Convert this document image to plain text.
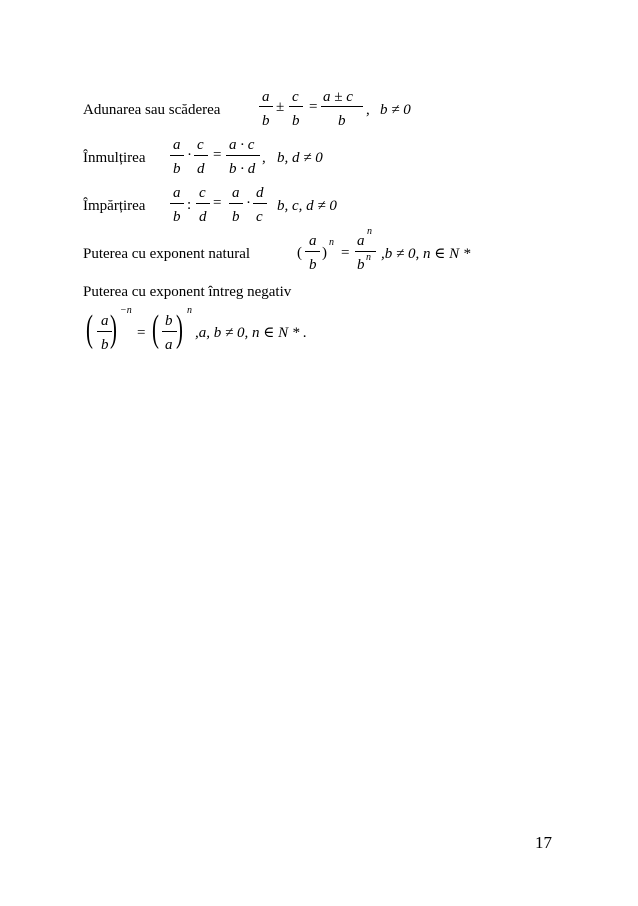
Adunarea sau scăderea
a
b
±
c
b
=
a ± c
b
, b ≠ 0
Înmulțirea
a
b
·
c
d
=
a · c
b · d
, b, d ≠ 0
Împărțirea
a
b
:
c
d
=
a
b
·
d
c
b, c, d ≠ 0
Puterea cu exponent natural	(
a
b
)
n
=
a
n
b n ,b ≠ 0, n ∈ N *
Puterea cu exponent întreg negativ
( a
b ) −n
= ( b
a ) n
,a, b ≠ 0, n ∈ N * .
17
